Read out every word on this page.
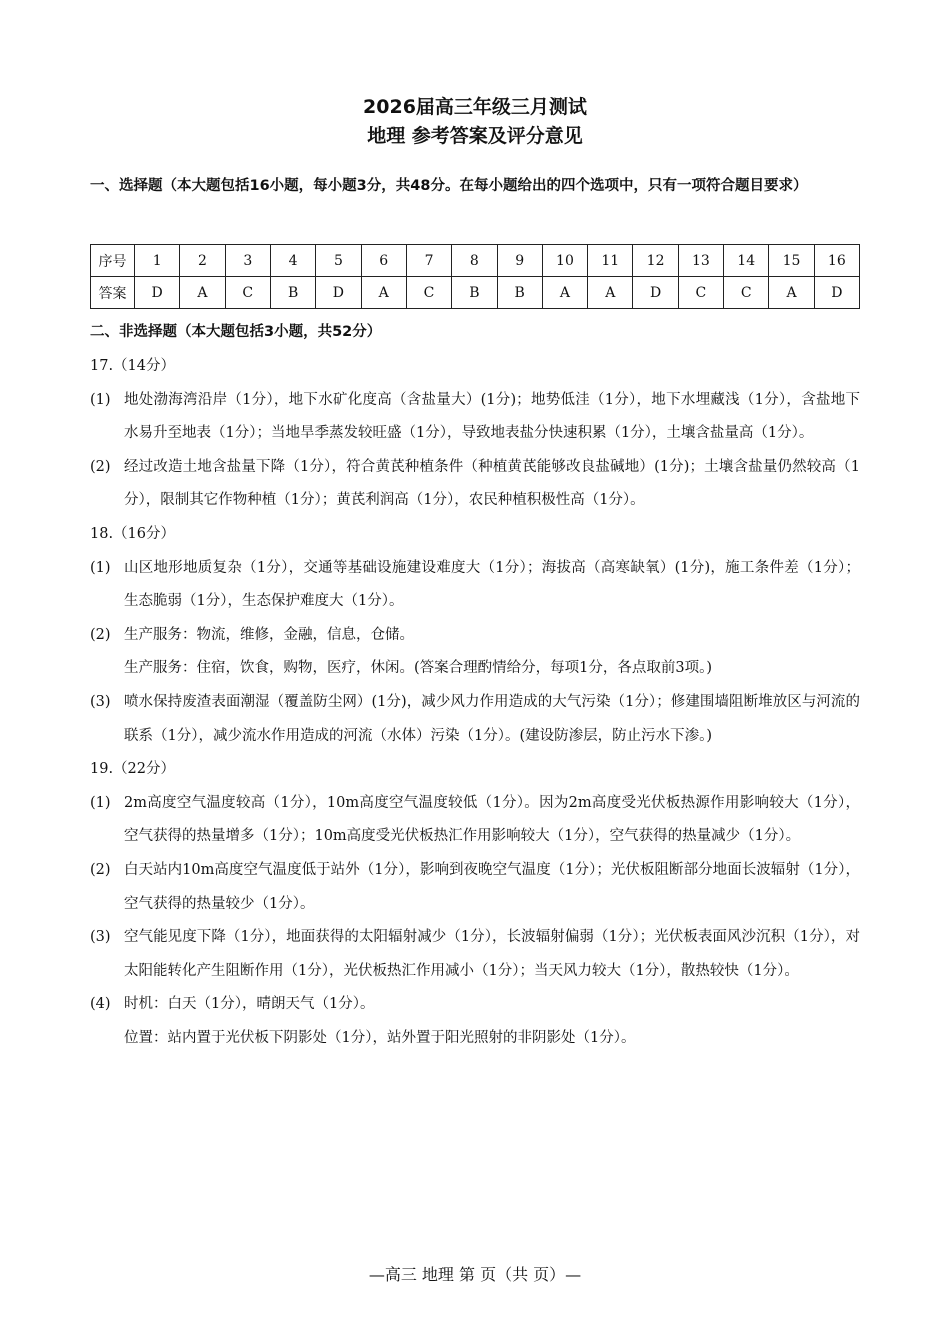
2026届高三年级三月测试
地理 参考答案及评分意见
一、选择题（本大题包括16小题，每小题3分，共48分。在每小题给出的四个选项中，只有一项符合题目要求）
序号	1	2	3	4	5	6	7	8	9	10	11	12	13	14	15	16
答案	D	A	C	B	D	A	C	B	B	A	A	D	C	C	A	D
二、非选择题（本大题包括3小题，共52分）

17.（14分）

(1) 地处渤海湾沿岸（1分），地下水矿化度高（含盐量大）(1分)；地势低洼（1分），地下水埋藏浅（1分），含盐地下水易升至地表（1分）；当地旱季蒸发较旺盛（1分），导致地表盐分快速积累（1分），土壤含盐量高（1分）。
(2) 经过改造土地含盐量下降（1分），符合黄芪种植条件（种植黄芪能够改良盐碱地）(1分)；土壤含盐量仍然较高（1分），限制其它作物种植（1分）；黄芪利润高（1分），农民种植积极性高（1分）。

18.（16分）

(1) 山区地形地质复杂（1分），交通等基础设施建设难度大（1分）；海拔高（高寒缺氧）(1分)，施工条件差（1分）；生态脆弱（1分），生态保护难度大（1分）。
(2) 生产服务：物流，维修，金融，信息，仓储。

生产服务：住宿，饮食，购物，医疗，休闲。(答案合理酌情给分，每项1分，各点取前3项。)

(3) 喷水保持废渣表面潮湿（覆盖防尘网）(1分)，减少风力作用造成的大气污染（1分）；修建围墙阻断堆放区与河流的联系（1分），减少流水作用造成的河流（水体）污染（1分）。(建设防渗层，防止污水下渗。)

19.（22分）

(1) 2m高度空气温度较高（1分），10m高度空气温度较低（1分）。因为2m高度受光伏板热源作用影响较大（1分），空气获得的热量增多（1分）；10m高度受光伏板热汇作用影响较大（1分），空气获得的热量减少（1分）。
(2) 白天站内10m高度空气温度低于站外（1分），影响到夜晚空气温度（1分）；光伏板阻断部分地面长波辐射（1分），空气获得的热量较少（1分）。
(3) 空气能见度下降（1分），地面获得的太阳辐射减少（1分），长波辐射偏弱（1分）；光伏板表面风沙沉积（1分），对太阳能转化产生阻断作用（1分），光伏板热汇作用减小（1分）；当天风力较大（1分），散热较快（1分）。
(4) 时机：白天（1分），晴朗天气（1分）。

位置：站内置于光伏板下阴影处（1分），站外置于阳光照射的非阴影处（1分）。

—高三 地理 第 页（共 页）—
